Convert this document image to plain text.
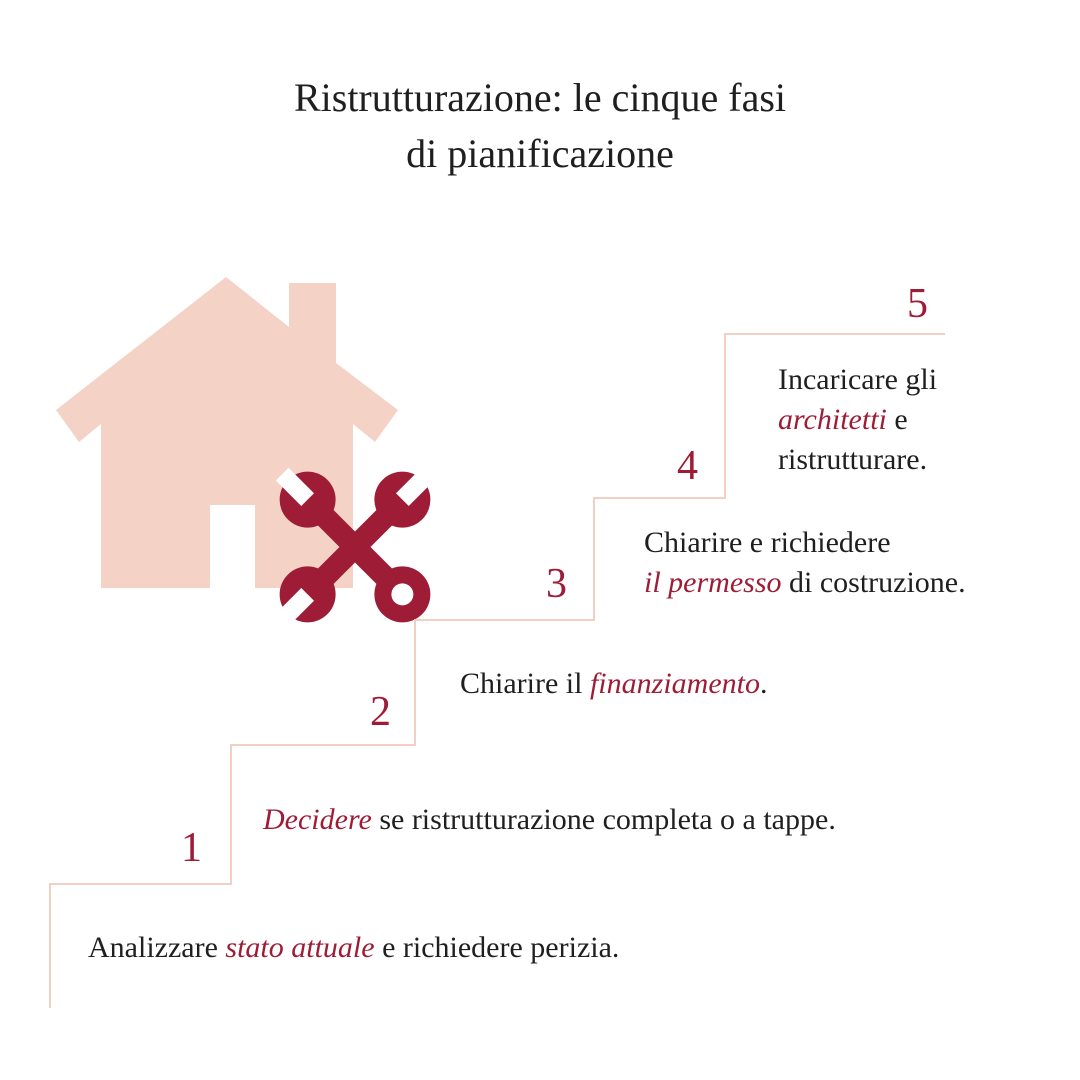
Ristrutturazione: le cinque fasi
di pianificazione
1
2
3
4
5
Analizzare stato attuale e richiedere perizia.
Decidere se ristrutturazione completa o a tappe.
Chiarire il finanziamento.
Chiarire e richiedere
il permesso di costruzione.
Incaricare gli
architetti e
ristrutturare.
